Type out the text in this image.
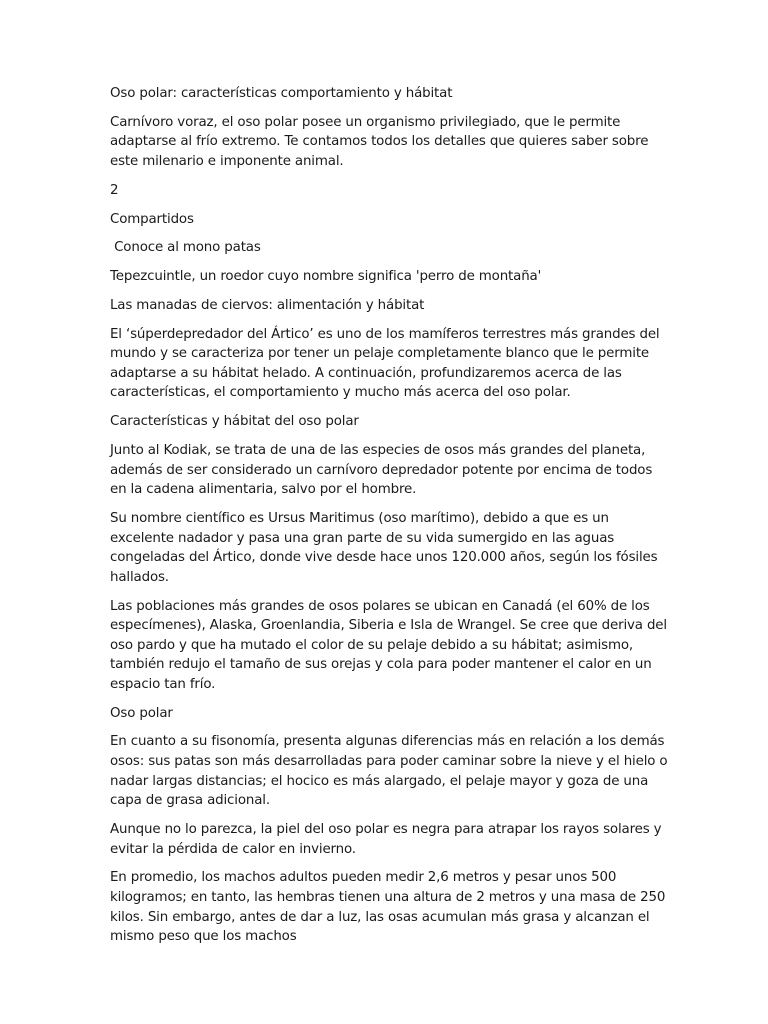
Oso polar: características comportamiento y hábitat

Carnívoro voraz, el oso polar posee un organismo privilegiado, que le permite adaptarse al frío extremo. Te contamos todos los detalles que quieres saber sobre este milenario e imponente animal.

2

Compartidos

Conoce al mono patas

Tepezcuintle, un roedor cuyo nombre significa 'perro de montaña'

Las manadas de ciervos: alimentación y hábitat

El ‘súperdepredador del Ártico’ es uno de los mamíferos terrestres más grandes del mundo y se caracteriza por tener un pelaje completamente blanco que le permite adaptarse a su hábitat helado. A continuación, profundizaremos acerca de las características, el comportamiento y mucho más acerca del oso polar.

Características y hábitat del oso polar

Junto al Kodiak, se trata de una de las especies de osos más grandes del planeta, además de ser considerado un carnívoro depredador potente por encima de todos en la cadena alimentaria, salvo por el hombre.

Su nombre científico es Ursus Maritimus (oso marítimo), debido a que es un excelente nadador y pasa una gran parte de su vida sumergido en las aguas congeladas del Ártico, donde vive desde hace unos 120.000 años, según los fósiles hallados.

Las poblaciones más grandes de osos polares se ubican en Canadá (el 60% de los especímenes), Alaska, Groenlandia, Siberia e Isla de Wrangel. Se cree que deriva del oso pardo y que ha mutado el color de su pelaje debido a su hábitat; asimismo, también redujo el tamaño de sus orejas y cola para poder mantener el calor en un espacio tan frío.

Oso polar

En cuanto a su fisonomía, presenta algunas diferencias más en relación a los demás osos: sus patas son más desarrolladas para poder caminar sobre la nieve y el hielo o nadar largas distancias; el hocico es más alargado, el pelaje mayor y goza de una capa de grasa adicional.

Aunque no lo parezca, la piel del oso polar es negra para atrapar los rayos solares y evitar la pérdida de calor en invierno.

En promedio, los machos adultos pueden medir 2,6 metros y pesar unos 500 kilogramos; en tanto, las hembras tienen una altura de 2 metros y una masa de 250 kilos. Sin embargo, antes de dar a luz, las osas acumulan más grasa y alcanzan el mismo peso que los machos
